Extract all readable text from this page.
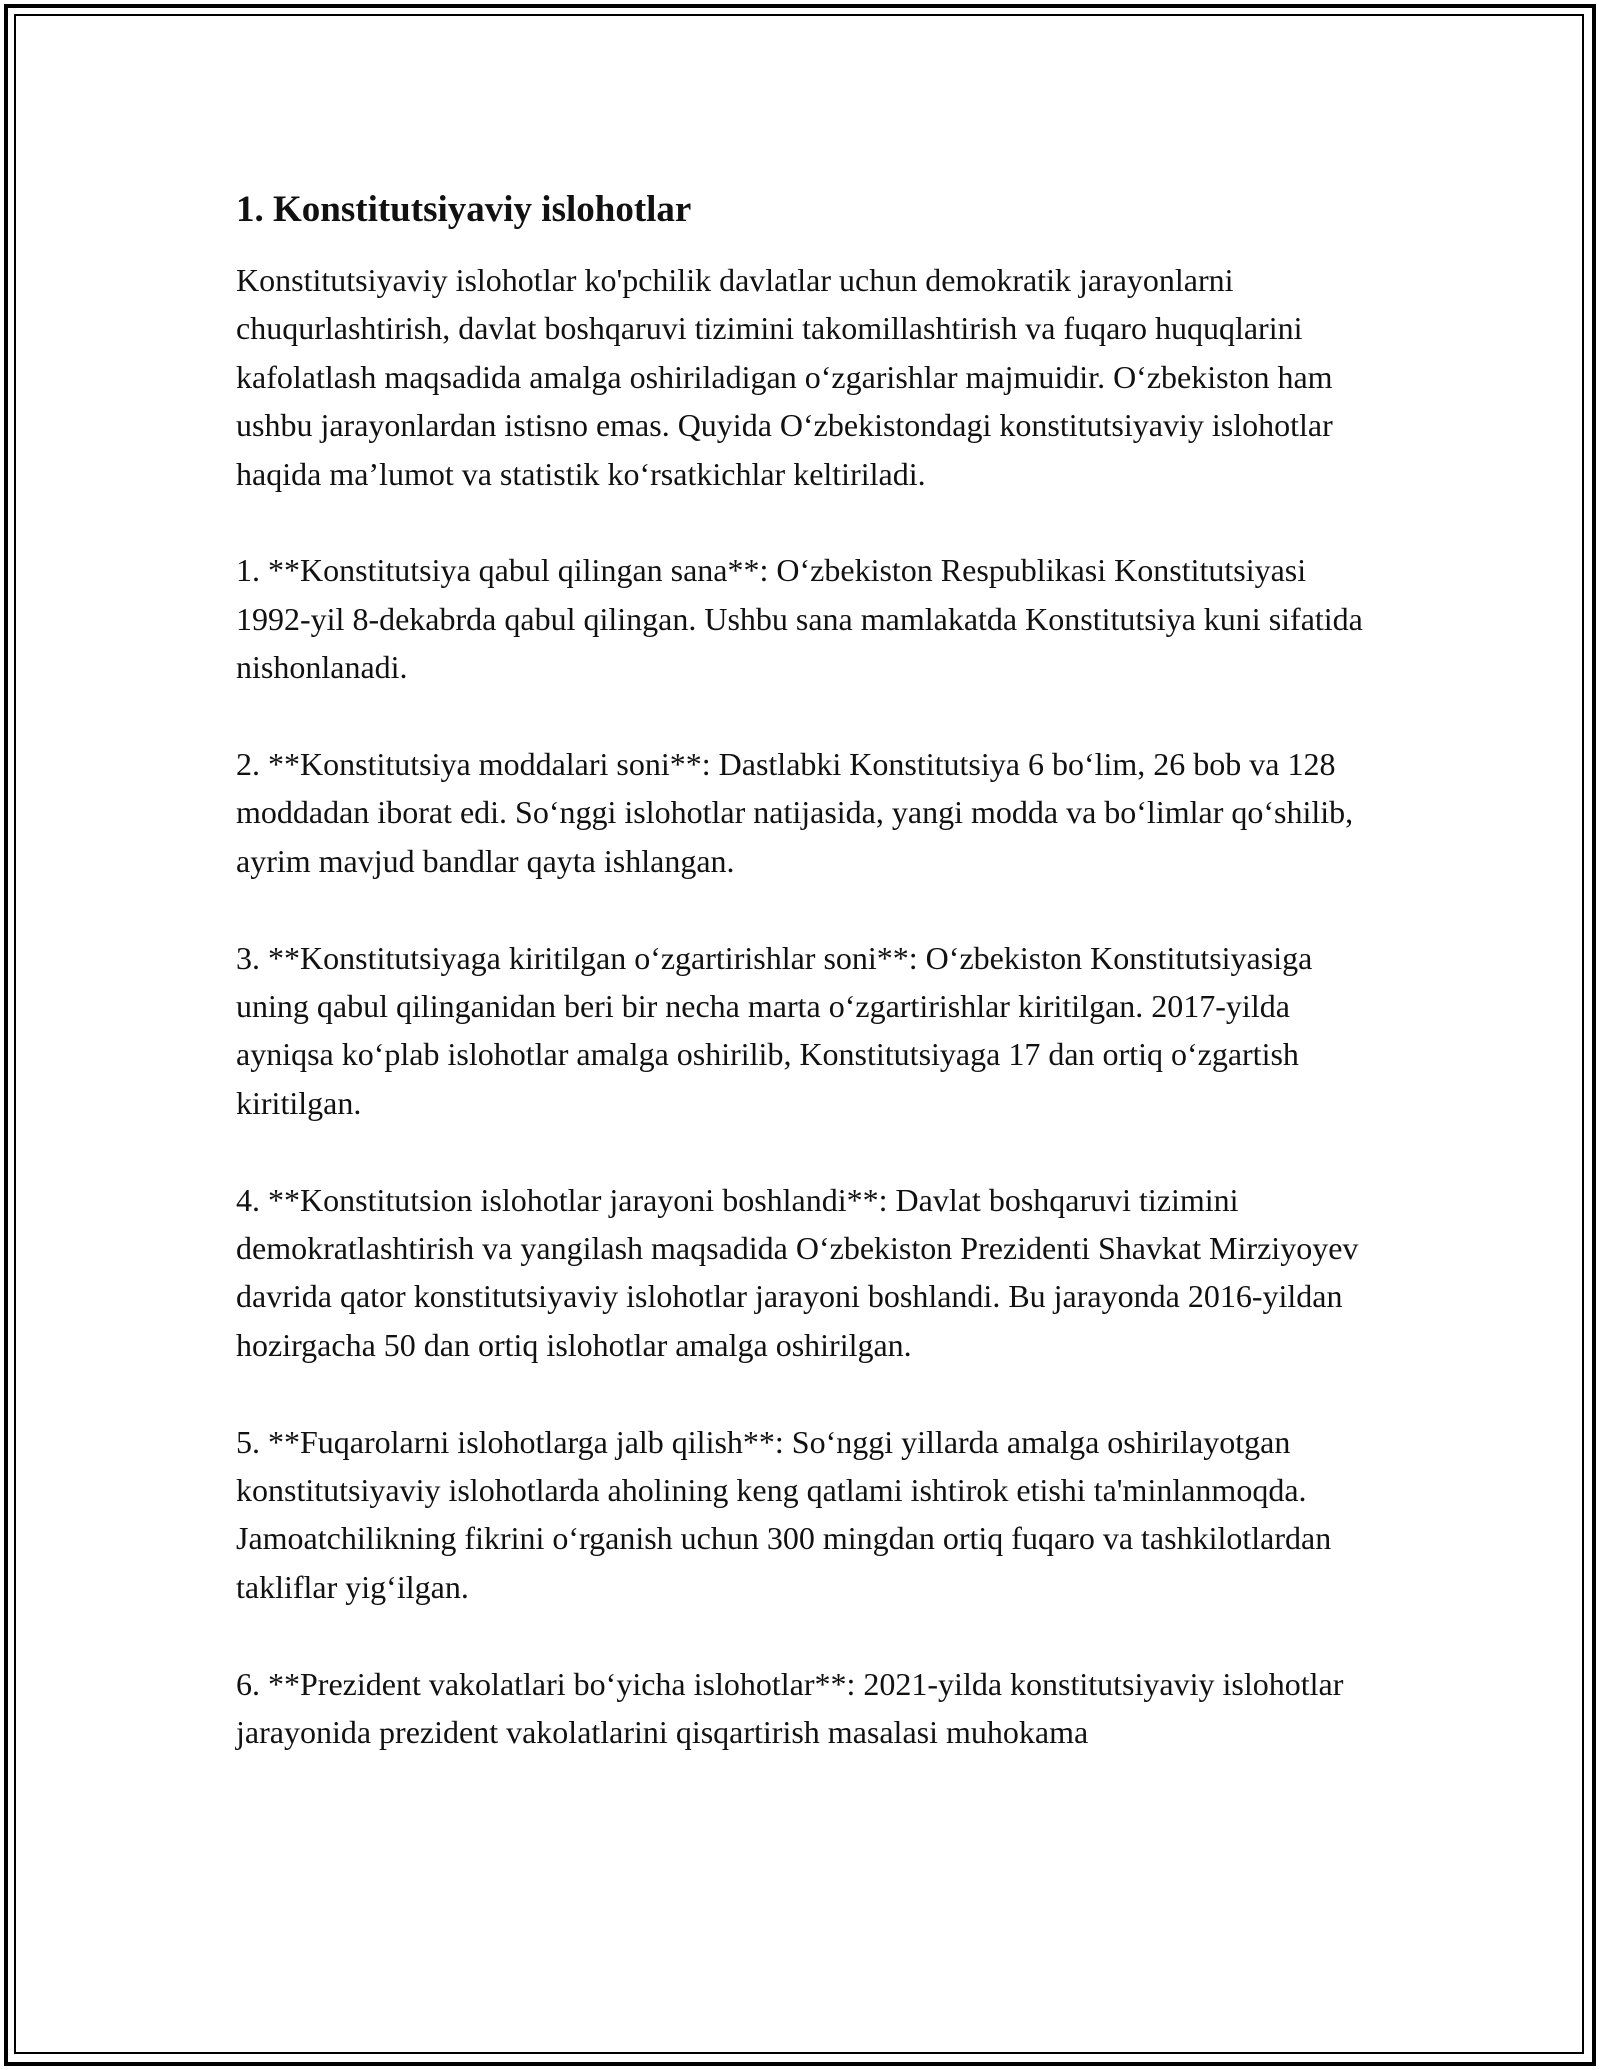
1. Konstitutsiyaviy islohotlar

Konstitutsiyaviy islohotlar ko'pchilik davlatlar uchun demokratik jarayonlarni chuqurlashtirish, davlat boshqaruvi tizimini takomillashtirish va fuqaro huquqlarini kafolatlash maqsadida amalga oshiriladigan o‘zgarishlar majmuidir. O‘zbekiston ham ushbu jarayonlardan istisno emas. Quyida O‘zbekistondagi konstitutsiyaviy islohotlar haqida ma’lumot va statistik ko‘rsatkichlar keltiriladi.

1. **Konstitutsiya qabul qilingan sana**: O‘zbekiston Respublikasi Konstitutsiyasi 1992-yil 8-dekabrda qabul qilingan. Ushbu sana mamlakatda Konstitutsiya kuni sifatida nishonlanadi.

2. **Konstitutsiya moddalari soni**: Dastlabki Konstitutsiya 6 bo‘lim, 26 bob va 128 moddadan iborat edi. So‘nggi islohotlar natijasida, yangi modda va bo‘limlar qo‘shilib, ayrim mavjud bandlar qayta ishlangan.

3. **Konstitutsiyaga kiritilgan o‘zgartirishlar soni**: O‘zbekiston Konstitutsiyasiga uning qabul qilinganidan beri bir necha marta o‘zgartirishlar kiritilgan. 2017-yilda ayniqsa ko‘plab islohotlar amalga oshirilib, Konstitutsiyaga 17 dan ortiq o‘zgartish kiritilgan.

4. **Konstitutsion islohotlar jarayoni boshlandi**: Davlat boshqaruvi tizimini demokratlashtirish va yangilash maqsadida O‘zbekiston Prezidenti Shavkat Mirziyoyev davrida qator konstitutsiyaviy islohotlar jarayoni boshlandi. Bu jarayonda 2016-yildan hozirgacha 50 dan ortiq islohotlar amalga oshirilgan.

5. **Fuqarolarni islohotlarga jalb qilish**: So‘nggi yillarda amalga oshirilayotgan konstitutsiyaviy islohotlarda aholining keng qatlami ishtirok etishi ta'minlanmoqda. Jamoatchilikning fikrini o‘rganish uchun 300 mingdan ortiq fuqaro va tashkilotlardan takliflar yig‘ilgan.

6. **Prezident vakolatlari bo‘yicha islohotlar**: 2021-yilda konstitutsiyaviy islohotlar jarayonida prezident vakolatlarini qisqartirish masalasi muhokama
